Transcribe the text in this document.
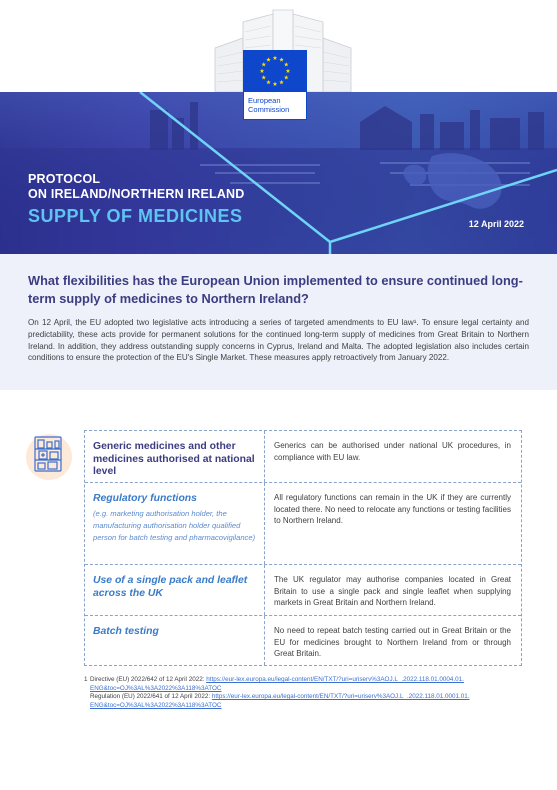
European
Commission
PROTOCOL
ON IRELAND/NORTHERN IRELAND
SUPPLY OF MEDICINES	12 April 2022
What flexibilities has the European Union implemented to ensure continued long-term supply of medicines to Northern Ireland?

On 12 April, the EU adopted two legislative acts introducing a series of targeted amendments to EU law¹. To ensure legal certainty and predictability, these acts provide for permanent solutions for the continued long-term supply of medicines from Great Britain to Northern Ireland. In addition, they address outstanding supply concerns in Cyprus, Ireland and Malta. The adopted legislation also includes certain conditions to ensure the protection of the EU's Single Market. These measures apply retroactively from January 2022.

Generic medicines and other medicines authorised at national level
Generics can be authorised under national UK procedures, in compliance with EU law.
Regulatory functions
(e.g. marketing authorisation holder, the manufacturing authorisation holder qualified person for batch testing and pharmacovigilance)
All regulatory functions can remain in the UK if they are currently located there. No need to relocate any functions or testing facilities to Northern Ireland.
Use of a single pack and leaflet across the UK
The UK regulator may authorise companies located in Great Britain to use a single pack and single leaflet when supplying markets in Great Britain and Northern Ireland.
Batch testing	No need to repeat batch testing carried out in Great Britain or the EU for medicines brought to Northern Ireland from or through Great Britain.
1 Directive (EU) 2022/642 of 12 April 2022: https://eur-lex.europa.eu/legal-content/EN/TXT/?uri=uriserv%3AOJ.L_.2022.118.01.0004.01.
ENG&toc=OJ%3AL%3A2022%3A118%3ATOC
Regulation (EU) 2022/641 of 12 April 2022: https://eur-lex.europa.eu/legal-content/EN/TXT/?uri=uriserv%3AOJ.L_.2022.118.01.0001.01.
ENG&toc=OJ%3AL%3A2022%3A118%3ATOC
